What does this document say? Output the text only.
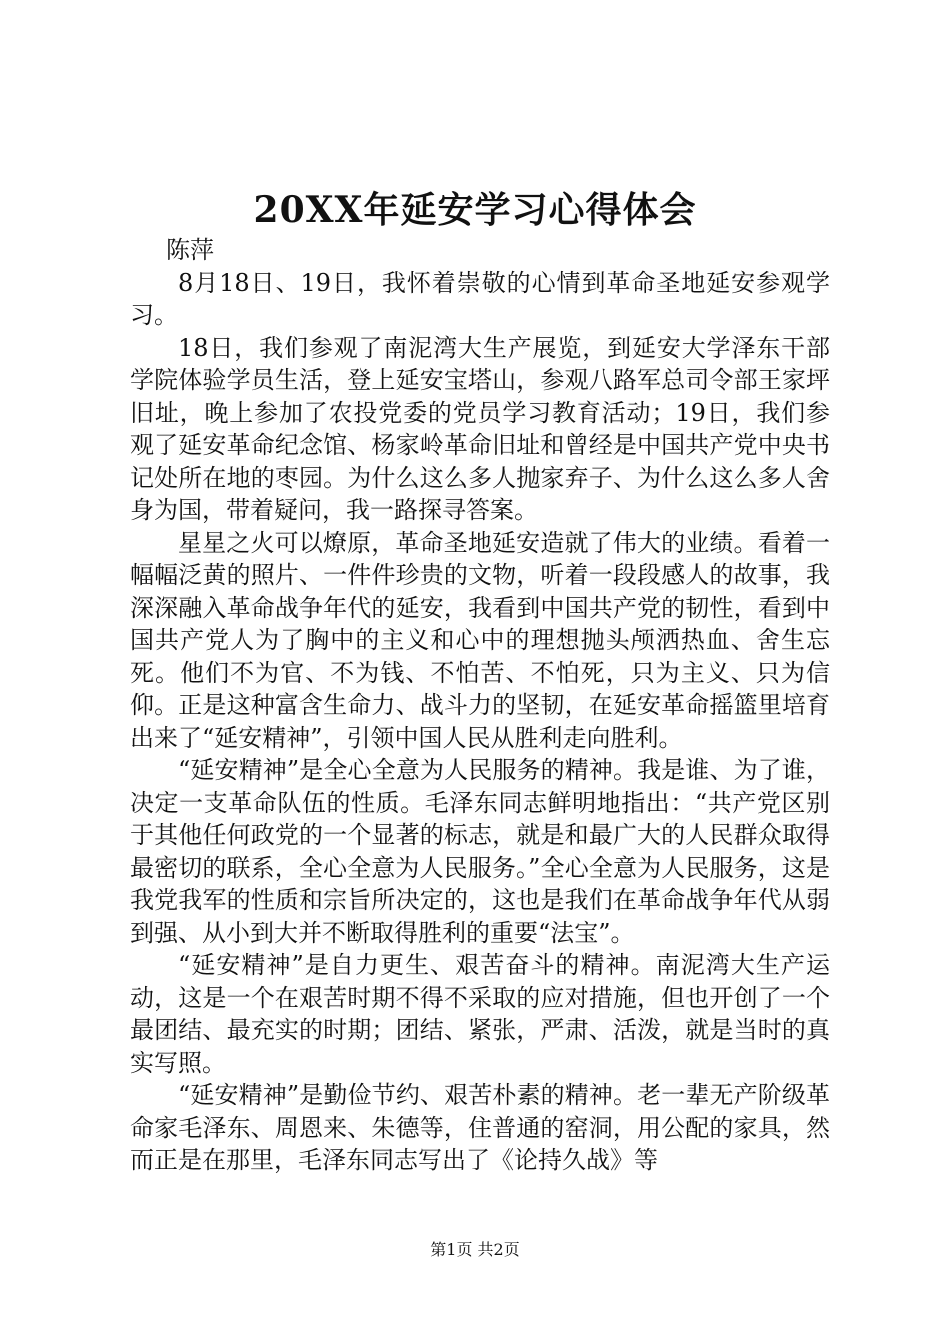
20XX年延安学习心得体会

陈萍

8月18日、19日，我怀着崇敬的心情到革命圣地延安参观学习。

18日，我们参观了南泥湾大生产展览，到延安大学泽东干部学院体验学员生活，登上延安宝塔山，参观八路军总司令部王家坪旧址，晚上参加了农投党委的党员学习教育活动；19日，我们参观了延安革命纪念馆、杨家岭革命旧址和曾经是中国共产党中央书记处所在地的枣园。为什么这么多人抛家弃子、为什么这么多人舍身为国，带着疑问，我一路探寻答案。

星星之火可以燎原，革命圣地延安造就了伟大的业绩。看着一幅幅泛黄的照片、一件件珍贵的文物，听着一段段感人的故事，我深深融入革命战争年代的延安，我看到中国共产党的韧性，看到中国共产党人为了胸中的主义和心中的理想抛头颅洒热血、舍生忘死。他们不为官、不为钱、不怕苦、不怕死，只为主义、只为信仰。正是这种富含生命力、战斗力的坚韧，在延安革命摇篮里培育出来了“延安精神”，引领中国人民从胜利走向胜利。

“延安精神”是全心全意为人民服务的精神。我是谁、为了谁，决定一支革命队伍的性质。毛泽东同志鲜明地指出：“共产党区别于其他任何政党的一个显著的标志，就是和最广大的人民群众取得最密切的联系，全心全意为人民服务。”全心全意为人民服务，这是我党我军的性质和宗旨所决定的，这也是我们在革命战争年代从弱到强、从小到大并不断取得胜利的重要“法宝”。

“延安精神”是自力更生、艰苦奋斗的精神。南泥湾大生产运动，这是一个在艰苦时期不得不采取的应对措施，但也开创了一个最团结、最充实的时期；团结、紧张，严肃、活泼，就是当时的真实写照。

“延安精神”是勤俭节约、艰苦朴素的精神。老一辈无产阶级革命家毛泽东、周恩来、朱德等，住普通的窑洞，用公配的家具，然而正是在那里，毛泽东同志写出了《论持久战》等

第1页 共2页
